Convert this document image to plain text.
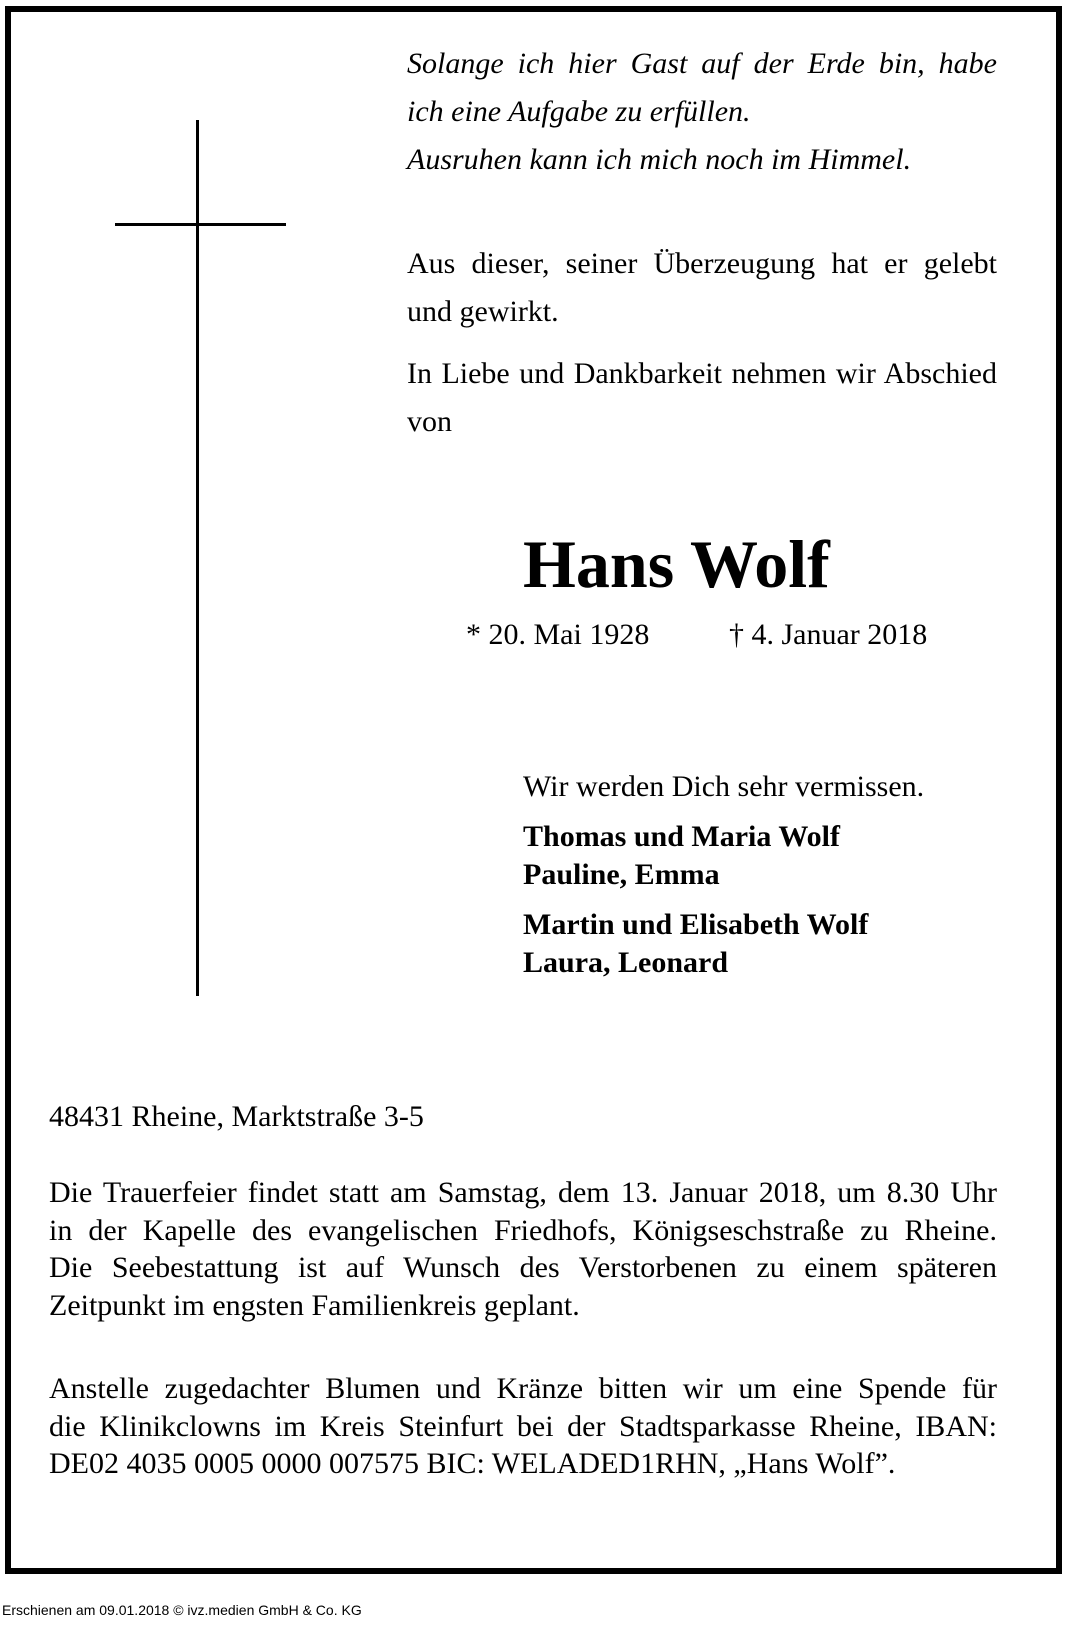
Solange ich hier Gast auf der Erde bin, habe
ich eine Aufgabe zu erfüllen.
Ausruhen kann ich mich noch im Himmel.

Aus dieser, seiner Überzeugung hat er gelebt
und gewirkt.

In Liebe und Dankbarkeit nehmen wir Abschied
von

Hans Wolf
* 20. Mai 1928	† 4. Januar 2018
Wir werden Dich sehr vermissen.
Thomas und Maria Wolf
Pauline, Emma
Martin und Elisabeth Wolf
Laura, Leonard
48431 Rheine, Marktstraße 3-5
Die Trauerfeier findet statt am Samstag, dem 13. Januar 2018, um 8.30 Uhr
in der Kapelle des evangelischen Friedhofs, Königseschstraße zu Rheine.
Die Seebestattung ist auf Wunsch des Verstorbenen zu einem späteren
Zeitpunkt im engsten Familienkreis geplant.
Anstelle zugedachter Blumen und Kränze bitten wir um eine Spende für
die Klinikclowns im Kreis Steinfurt bei der Stadtsparkasse Rheine, IBAN:
DE02 4035 0005 0000 007575 BIC: WELADED1RHN, „Hans Wolf”.
Erschienen am 09.01.2018 © ivz.medien GmbH & Co. KG
